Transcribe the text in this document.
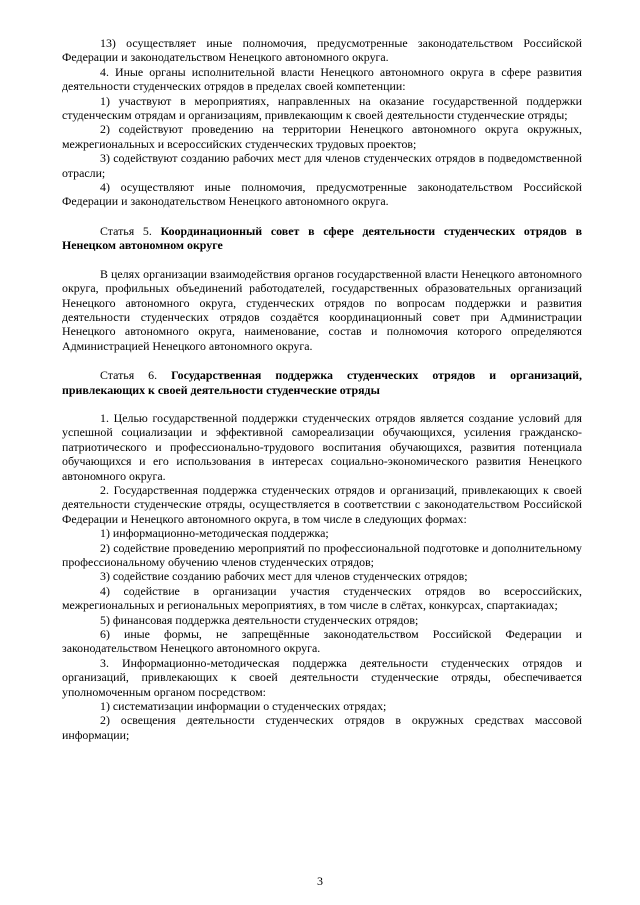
13) осуществляет иные полномочия, предусмотренные законодательством Российской Федерации и законодательством Ненецкого автономного округа.

4. Иные органы исполнительной власти Ненецкого автономного округа в сфере развития деятельности студенческих отрядов в пределах своей компетенции:

1) участвуют в мероприятиях, направленных на оказание государственной поддержки студенческим отрядам и организациям, привлекающим к своей деятельности студенческие отряды;

2) содействуют проведению на территории Ненецкого автономного округа окружных, межрегиональных и всероссийских студенческих трудовых проектов;

3) содействуют созданию рабочих мест для членов студенческих отрядов в подведомственной отрасли;

4) осуществляют иные полномочия, предусмотренные законодательством Российской Федерации и законодательством Ненецкого автономного округа.

Статья 5. Координационный совет в сфере деятельности студенческих отрядов в Ненецком автономном округе

В целях организации взаимодействия органов государственной власти Ненецкого автономного округа, профильных объединений работодателей, государственных образовательных организаций Ненецкого автономного округа, студенческих отрядов по вопросам поддержки и развития деятельности студенческих отрядов создаётся координационный совет при Администрации Ненецкого автономного округа, наименование, состав и полномочия которого определяются Администрацией Ненецкого автономного округа.

Статья 6. Государственная поддержка студенческих отрядов и организаций, привлекающих к своей деятельности студенческие отряды

1. Целью государственной поддержки студенческих отрядов является создание условий для успешной социализации и эффективной самореализации обучающихся, усиления гражданско-патриотического и профессионально-трудового воспитания обучающихся, развития потенциала обучающихся и его использования в интересах социально-экономического развития Ненецкого автономного округа.

2. Государственная поддержка студенческих отрядов и организаций, привлекающих к своей деятельности студенческие отряды, осуществляется в соответствии с законодательством Российской Федерации и Ненецкого автономного округа, в том числе в следующих формах:

1) информационно-методическая поддержка;

2) содействие проведению мероприятий по профессиональной подготовке и дополнительному профессиональному обучению членов студенческих отрядов;

3) содействие созданию рабочих мест для членов студенческих отрядов;

4) содействие в организации участия студенческих отрядов во всероссийских, межрегиональных и региональных мероприятиях, в том числе в слётах, конкурсах, спартакиадах;

5) финансовая поддержка деятельности студенческих отрядов;

6) иные формы, не запрещённые законодательством Российской Федерации и законодательством Ненецкого автономного округа.

3. Информационно-методическая поддержка деятельности студенческих отрядов и организаций, привлекающих к своей деятельности студенческие отряды, обеспечивается уполномоченным органом посредством:

1) систематизации информации о студенческих отрядах;

2) освещения деятельности студенческих отрядов в окружных средствах массовой информации;

3
